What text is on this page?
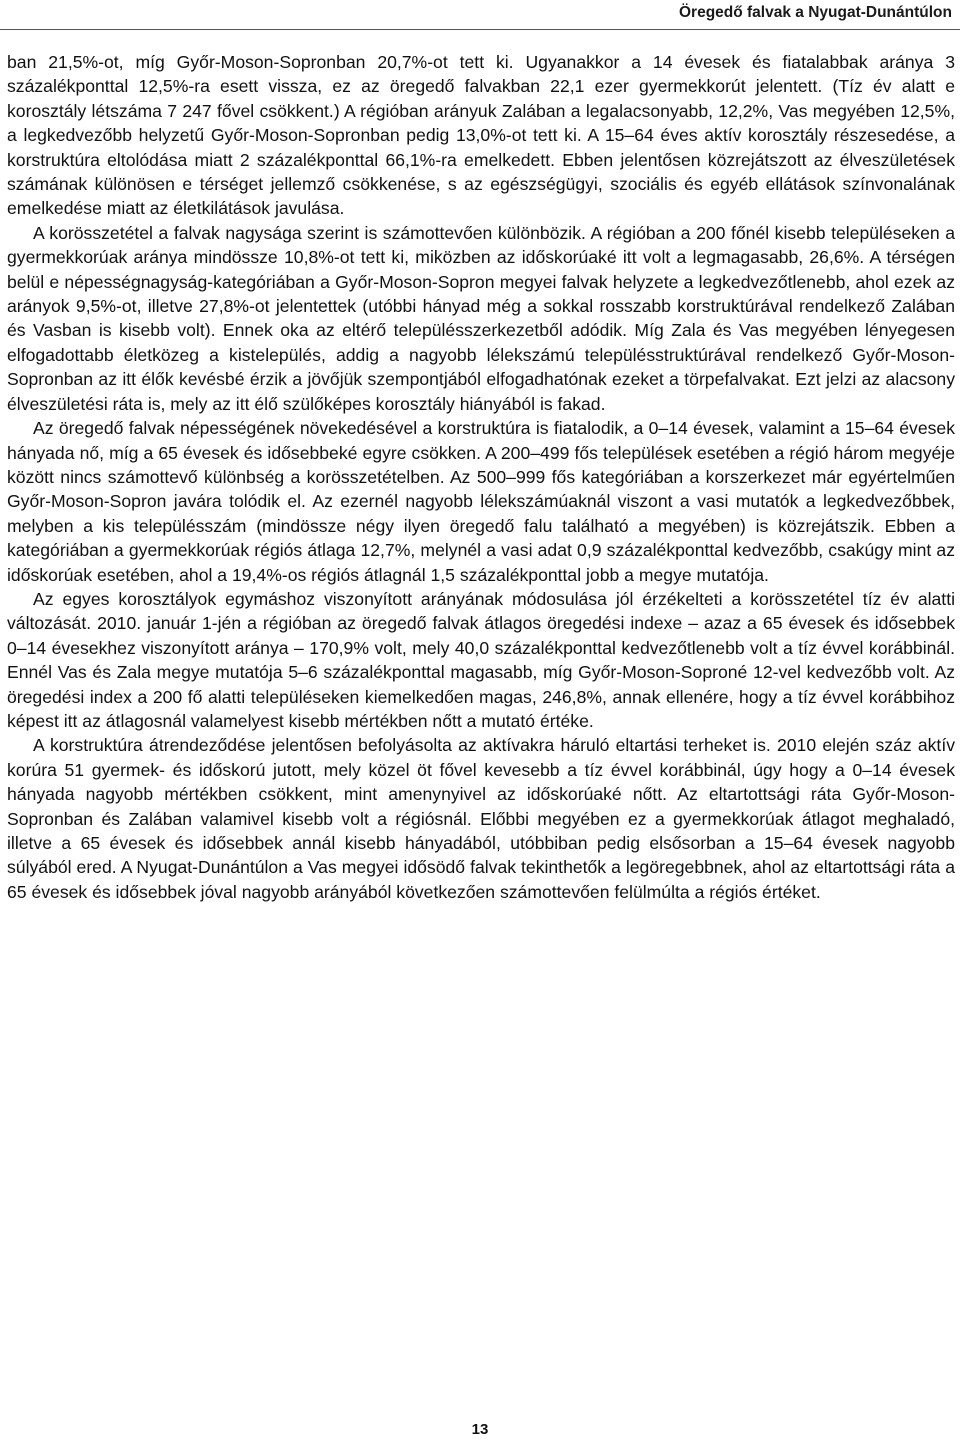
Öregedő falvak a Nyugat-Dunántúlon

ban 21,5%-ot, míg Győr-Moson-Sopronban 20,7%-ot tett ki. Ugyanakkor a 14 évesek és fiatalabbak aránya 3 százalékponttal 12,5%-ra esett vissza, ez az öregedő falvakban 22,1 ezer gyermekkorút jelentett. (Tíz év alatt e korosztály létszáma 7 247 fővel csökkent.) A régióban arányuk Zalában a legalacsonyabb, 12,2%, Vas megyében 12,5%, a legkedvezőbb helyzetű Győr-Moson-Sopronban pedig 13,0%-ot tett ki. A 15–64 éves aktív korosztály részesedése, a korstruktúra eltolódása miatt 2 százalékponttal 66,1%-ra emelkedett. Ebben jelentősen közrejátszott az élveszületések számának különösen e térséget jellemző csökkenése, s az egészségügyi, szociális és egyéb ellátások színvonalának emelkedése miatt az életkilátások javulása.

A korösszetétel a falvak nagysága szerint is számottevően különbözik. A régióban a 200 főnél kisebb településeken a gyermekkorúak aránya mindössze 10,8%-ot tett ki, miközben az időskorúaké itt volt a legmagasabb, 26,6%. A térségen belül e népességnagyság-kategóriában a Győr-Moson-Sopron megyei falvak helyzete a legkedvezőtlenebb, ahol ezek az arányok 9,5%-ot, illetve 27,8%-ot jelentettek (utóbbi hányad még a sokkal rosszabb korstruktúrával rendelkező Zalában és Vasban is kisebb volt). Ennek oka az eltérő településszerkezetből adódik. Míg Zala és Vas megyében lényegesen elfogadottabb életközeg a kistelepülés, addig a nagyobb lélekszámú településstruktúrával rendelkező Győr-Moson-Sopronban az itt élők kevésbé érzik a jövőjük szempontjából elfogadhatónak ezeket a törpefalvakat. Ezt jelzi az alacsony élveszületési ráta is, mely az itt élő szülőképes korosztály hiányából is fakad.

Az öregedő falvak népességének növekedésével a korstruktúra is fiatalodik, a 0–14 évesek, valamint a 15–64 évesek hányada nő, míg a 65 évesek és idősebbeké egyre csökken. A 200–499 fős települések esetében a régió három megyéje között nincs számottevő különbség a korösszetételben. Az 500–999 fős kategóriában a korszerkezet már egyértelműen Győr-Moson-Sopron javára tolódik el. Az ezernél nagyobb lélekszámúaknál viszont a vasi mutatók a legkedvezőbbek, melyben a kis településszám (mindössze négy ilyen öregedő falu található a megyében) is közrejátszik. Ebben a kategóriában a gyermekkorúak régiós átlaga 12,7%, melynél a vasi adat 0,9 százalékponttal kedvezőbb, csakúgy mint az időskorúak esetében, ahol a 19,4%-os régiós átlagnál 1,5 százalékponttal jobb a megye mutatója.

Az egyes korosztályok egymáshoz viszonyított arányának módosulása jól érzékelteti a korösszetétel tíz év alatti változását. 2010. január 1-jén a régióban az öregedő falvak átlagos öregedési indexe – azaz a 65 évesek és idősebbek 0–14 évesekhez viszonyított aránya – 170,9% volt, mely 40,0 százalékponttal kedvezőtlenebb volt a tíz évvel korábbinál. Ennél Vas és Zala megye mutatója 5–6 százalékponttal magasabb, míg Győr-Moson-Soproné 12-vel kedvezőbb volt. Az öregedési index a 200 fő alatti településeken kiemelkedően magas, 246,8%, annak ellenére, hogy a tíz évvel korábbihoz képest itt az átlagosnál valamelyest kisebb mértékben nőtt a mutató értéke.

A korstruktúra átrendeződése jelentősen befolyásolta az aktívakra háruló eltartási terheket is. 2010 elején száz aktív korúra 51 gyermek- és időskorú jutott, mely közel öt fővel kevesebb a tíz évvel korábbinál, úgy hogy a 0–14 évesek hányada nagyobb mértékben csökkent, mint amenynyivel az időskorúaké nőtt. Az eltartottsági ráta Győr-Moson-Sopronban és Zalában valamivel kisebb volt a régiósnál. Előbbi megyében ez a gyermekkorúak átlagot meghaladó, illetve a 65 évesek és idősebbek annál kisebb hányadából, utóbbiban pedig elsősorban a 15–64 évesek nagyobb súlyából ered. A Nyugat-Dunántúlon a Vas megyei idősödő falvak tekinthetők a legöregebbnek, ahol az eltartottsági ráta a 65 évesek és idősebbek jóval nagyobb arányából következően számottevően felülmúlta a régiós értéket.

13
